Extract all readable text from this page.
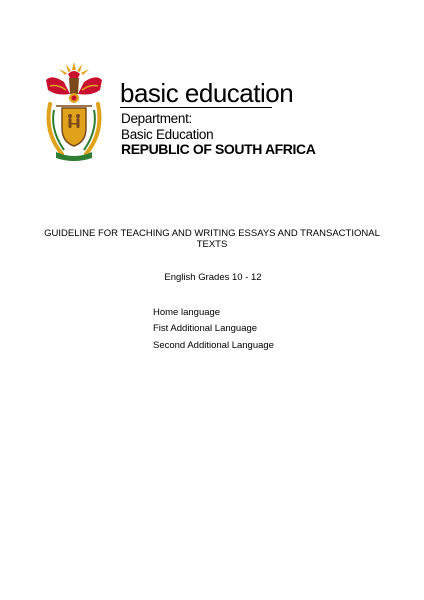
basic education
Department:
Basic Education
REPUBLIC OF SOUTH AFRICA
GUIDELINE FOR TEACHING AND WRITING ESSAYS AND TRANSACTIONAL TEXTS
English Grades 10 - 12
Home language
Fist Additional Language
Second Additional Language
